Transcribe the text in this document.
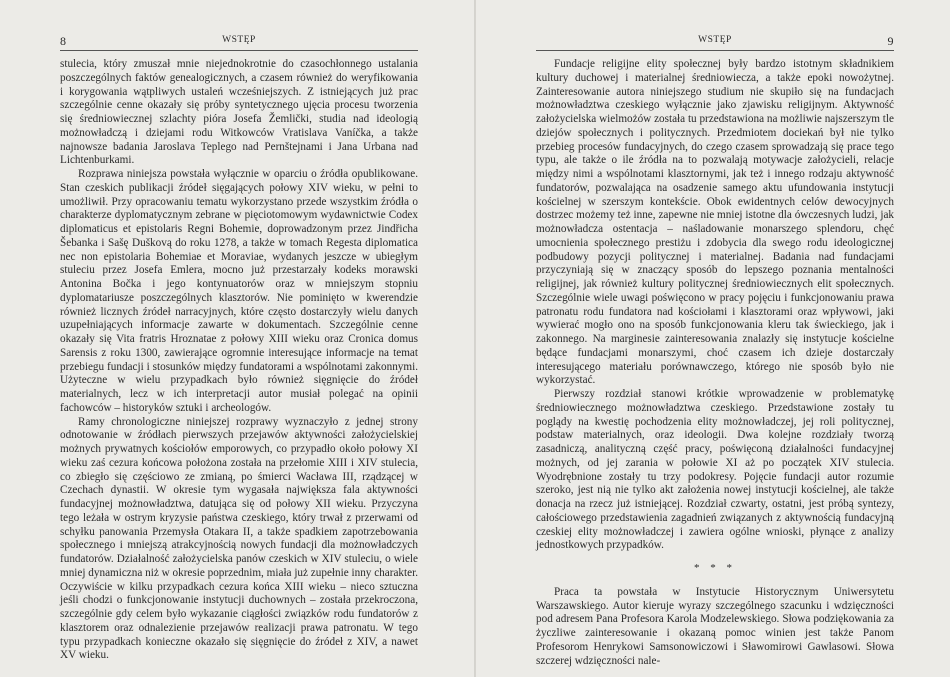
8	WSTĘP

stulecia, który zmuszał mnie niejednokrotnie do czasochłonnego ustalania poszczególnych faktów genealogicznych, a czasem również do weryfikowania i korygowania wątpliwych ustaleń wcześniejszych. Z istniejących już prac szczególnie cenne okazały się próby syntetycznego ujęcia procesu tworzenia się średniowiecznej szlachty pióra Josefa Žemlički, studia nad ideologią możnowładczą i dziejami rodu Witkowców Vratislava Vaníčka, a także najnowsze badania Jaroslava Teplego nad Pernštejnami i Jana Urbana nad Lichtenburkami.

Rozprawa niniejsza powstała wyłącznie w oparciu o źródła opublikowane. Stan czeskich publikacji źródeł sięgających połowy XIV wieku, w pełni to umożliwił. Przy opracowaniu tematu wykorzystano przede wszystkim źródła o charakterze dyplomatycznym zebrane w pięciotomowym wydawnictwie Codex diplomaticus et epistolaris Regni Bohemie, doprowadzonym przez Jindřicha Šebanka i Sašę Duškovą do roku 1278, a także w tomach Regesta diplomatica nec non epistolaria Bohemiae et Moraviae, wydanych jeszcze w ubiegłym stuleciu przez Josefa Emlera, mocno już przestarzały kodeks morawski Antonina Bočka i jego kontynuatorów oraz w mniejszym stopniu dyplomatariusze poszczególnych klasztorów. Nie pominięto w kwerendzie również licznych źródeł narracyjnych, które często dostarczyły wielu danych uzupełniających informacje zawarte w dokumentach. Szczególnie cenne okazały się Vita fratris Hroznatae z połowy XIII wieku oraz Cronica domus Sarensis z roku 1300, zawierające ogromnie interesujące informacje na temat przebiegu fundacji i stosunków między fundatorami a wspólnotami zakonnymi. Użyteczne w wielu przypadkach było również sięgnięcie do źródeł materialnych, lecz w ich interpretacji autor musiał polegać na opinii fachowców – historyków sztuki i archeologów.

Ramy chronologiczne niniejszej rozprawy wyznaczyło z jednej strony odnotowanie w źródłach pierwszych przejawów aktywności założycielskiej możnych prywatnych kościołów emporowych, co przypadło około połowy XI wieku zaś cezura końcowa położona została na przełomie XIII i XIV stulecia, co zbiegło się częściowo ze zmianą, po śmierci Wacława III, rządzącej w Czechach dynastii. W okresie tym wygasała największa fala aktywności fundacyjnej możnowładztwa, datująca się od połowy XII wieku. Przyczyna tego leżała w ostrym kryzysie państwa czeskiego, który trwał z przerwami od schyłku panowania Przemysła Otakara II, a także spadkiem zapotrzebowania społecznego i mniejszą atrakcyjnością nowych fundacji dla możnowładczych fundatorów. Działalność założycielska panów czeskich w XIV stuleciu, o wiele mniej dynamiczna niż w okresie poprzednim, miała już zupełnie inny charakter. Oczywiście w kilku przypadkach cezura końca XIII wieku – nieco sztuczna jeśli chodzi o funkcjonowanie instytucji duchownych – została przekroczona, szczególnie gdy celem było wykazanie ciągłości związków rodu fundatorów z klasztorem oraz odnalezienie przejawów realizacji prawa patronatu. W tego typu przypadkach konieczne okazało się sięgnięcie do źródeł z XIV, a nawet XV wieku.

WSTĘP	9

Fundacje religijne elity społecznej były bardzo istotnym składnikiem kultury duchowej i materialnej średniowiecza, a także epoki nowożytnej. Zainteresowanie autora niniejszego studium nie skupiło się na fundacjach możnowładztwa czeskiego wyłącznie jako zjawisku religijnym. Aktywność założycielska wielmożów została tu przedstawiona na możliwie najszerszym tle dziejów społecznych i politycznych. Przedmiotem dociekań był nie tylko przebieg procesów fundacyjnych, do czego czasem sprowadzają się prace tego typu, ale także o ile źródła na to pozwalają motywacje założycieli, relacje między nimi a wspólnotami klasztornymi, jak też i innego rodzaju aktywność fundatorów, pozwalająca na osadzenie samego aktu ufundowania instytucji kościelnej w szerszym kontekście. Obok ewidentnych celów dewocyjnych dostrzec możemy też inne, zapewne nie mniej istotne dla ówczesnych ludzi, jak możnowładcza ostentacja – naśladowanie monarszego splendoru, chęć umocnienia społecznego prestiżu i zdobycia dla swego rodu ideologicznej podbudowy pozycji politycznej i materialnej. Badania nad fundacjami przyczyniają się w znaczący sposób do lepszego poznania mentalności religijnej, jak również kultury politycznej średniowiecznych elit społecznych. Szczególnie wiele uwagi poświęcono w pracy pojęciu i funkcjonowaniu prawa patronatu rodu fundatora nad kościołami i klasztorami oraz wpływowi, jaki wywierać mogło ono na sposób funkcjonowania kleru tak świeckiego, jak i zakonnego. Na marginesie zainteresowania znalazły się instytucje kościelne będące fundacjami monarszymi, choć czasem ich dzieje dostarczały interesującego materiału porównawczego, którego nie sposób było nie wykorzystać.

Pierwszy rozdział stanowi krótkie wprowadzenie w problematykę średniowiecznego możnowładztwa czeskiego. Przedstawione zostały tu poglądy na kwestię pochodzenia elity możnowładczej, jej roli politycznej, podstaw materialnych, oraz ideologii. Dwa kolejne rozdziały tworzą zasadniczą, analityczną część pracy, poświęconą działalności fundacyjnej możnych, od jej zarania w połowie XI aż po początek XIV stulecia. Wyodrębnione zostały tu trzy podokresy. Pojęcie fundacji autor rozumie szeroko, jest nią nie tylko akt założenia nowej instytucji kościelnej, ale także donacja na rzecz już istniejącej. Rozdział czwarty, ostatni, jest próbą syntezy, całościowego przedstawienia zagadnień związanych z aktywnością fundacyjną czeskiej elity możnowładczej i zawiera ogólne wnioski, płynące z analizy jednostkowych przypadków.

* * *

Praca ta powstała w Instytucie Historycznym Uniwersytetu Warszawskiego. Autor kieruje wyrazy szczególnego szacunku i wdzięczności pod adresem Pana Profesora Karola Modzelewskiego. Słowa podziękowania za życzliwe zainteresowanie i okazaną pomoc winien jest także Panom Profesorom Henrykowi Samsonowiczowi i Sławomirowi Gawlasowi. Słowa szczerej wdzięczności nale-
